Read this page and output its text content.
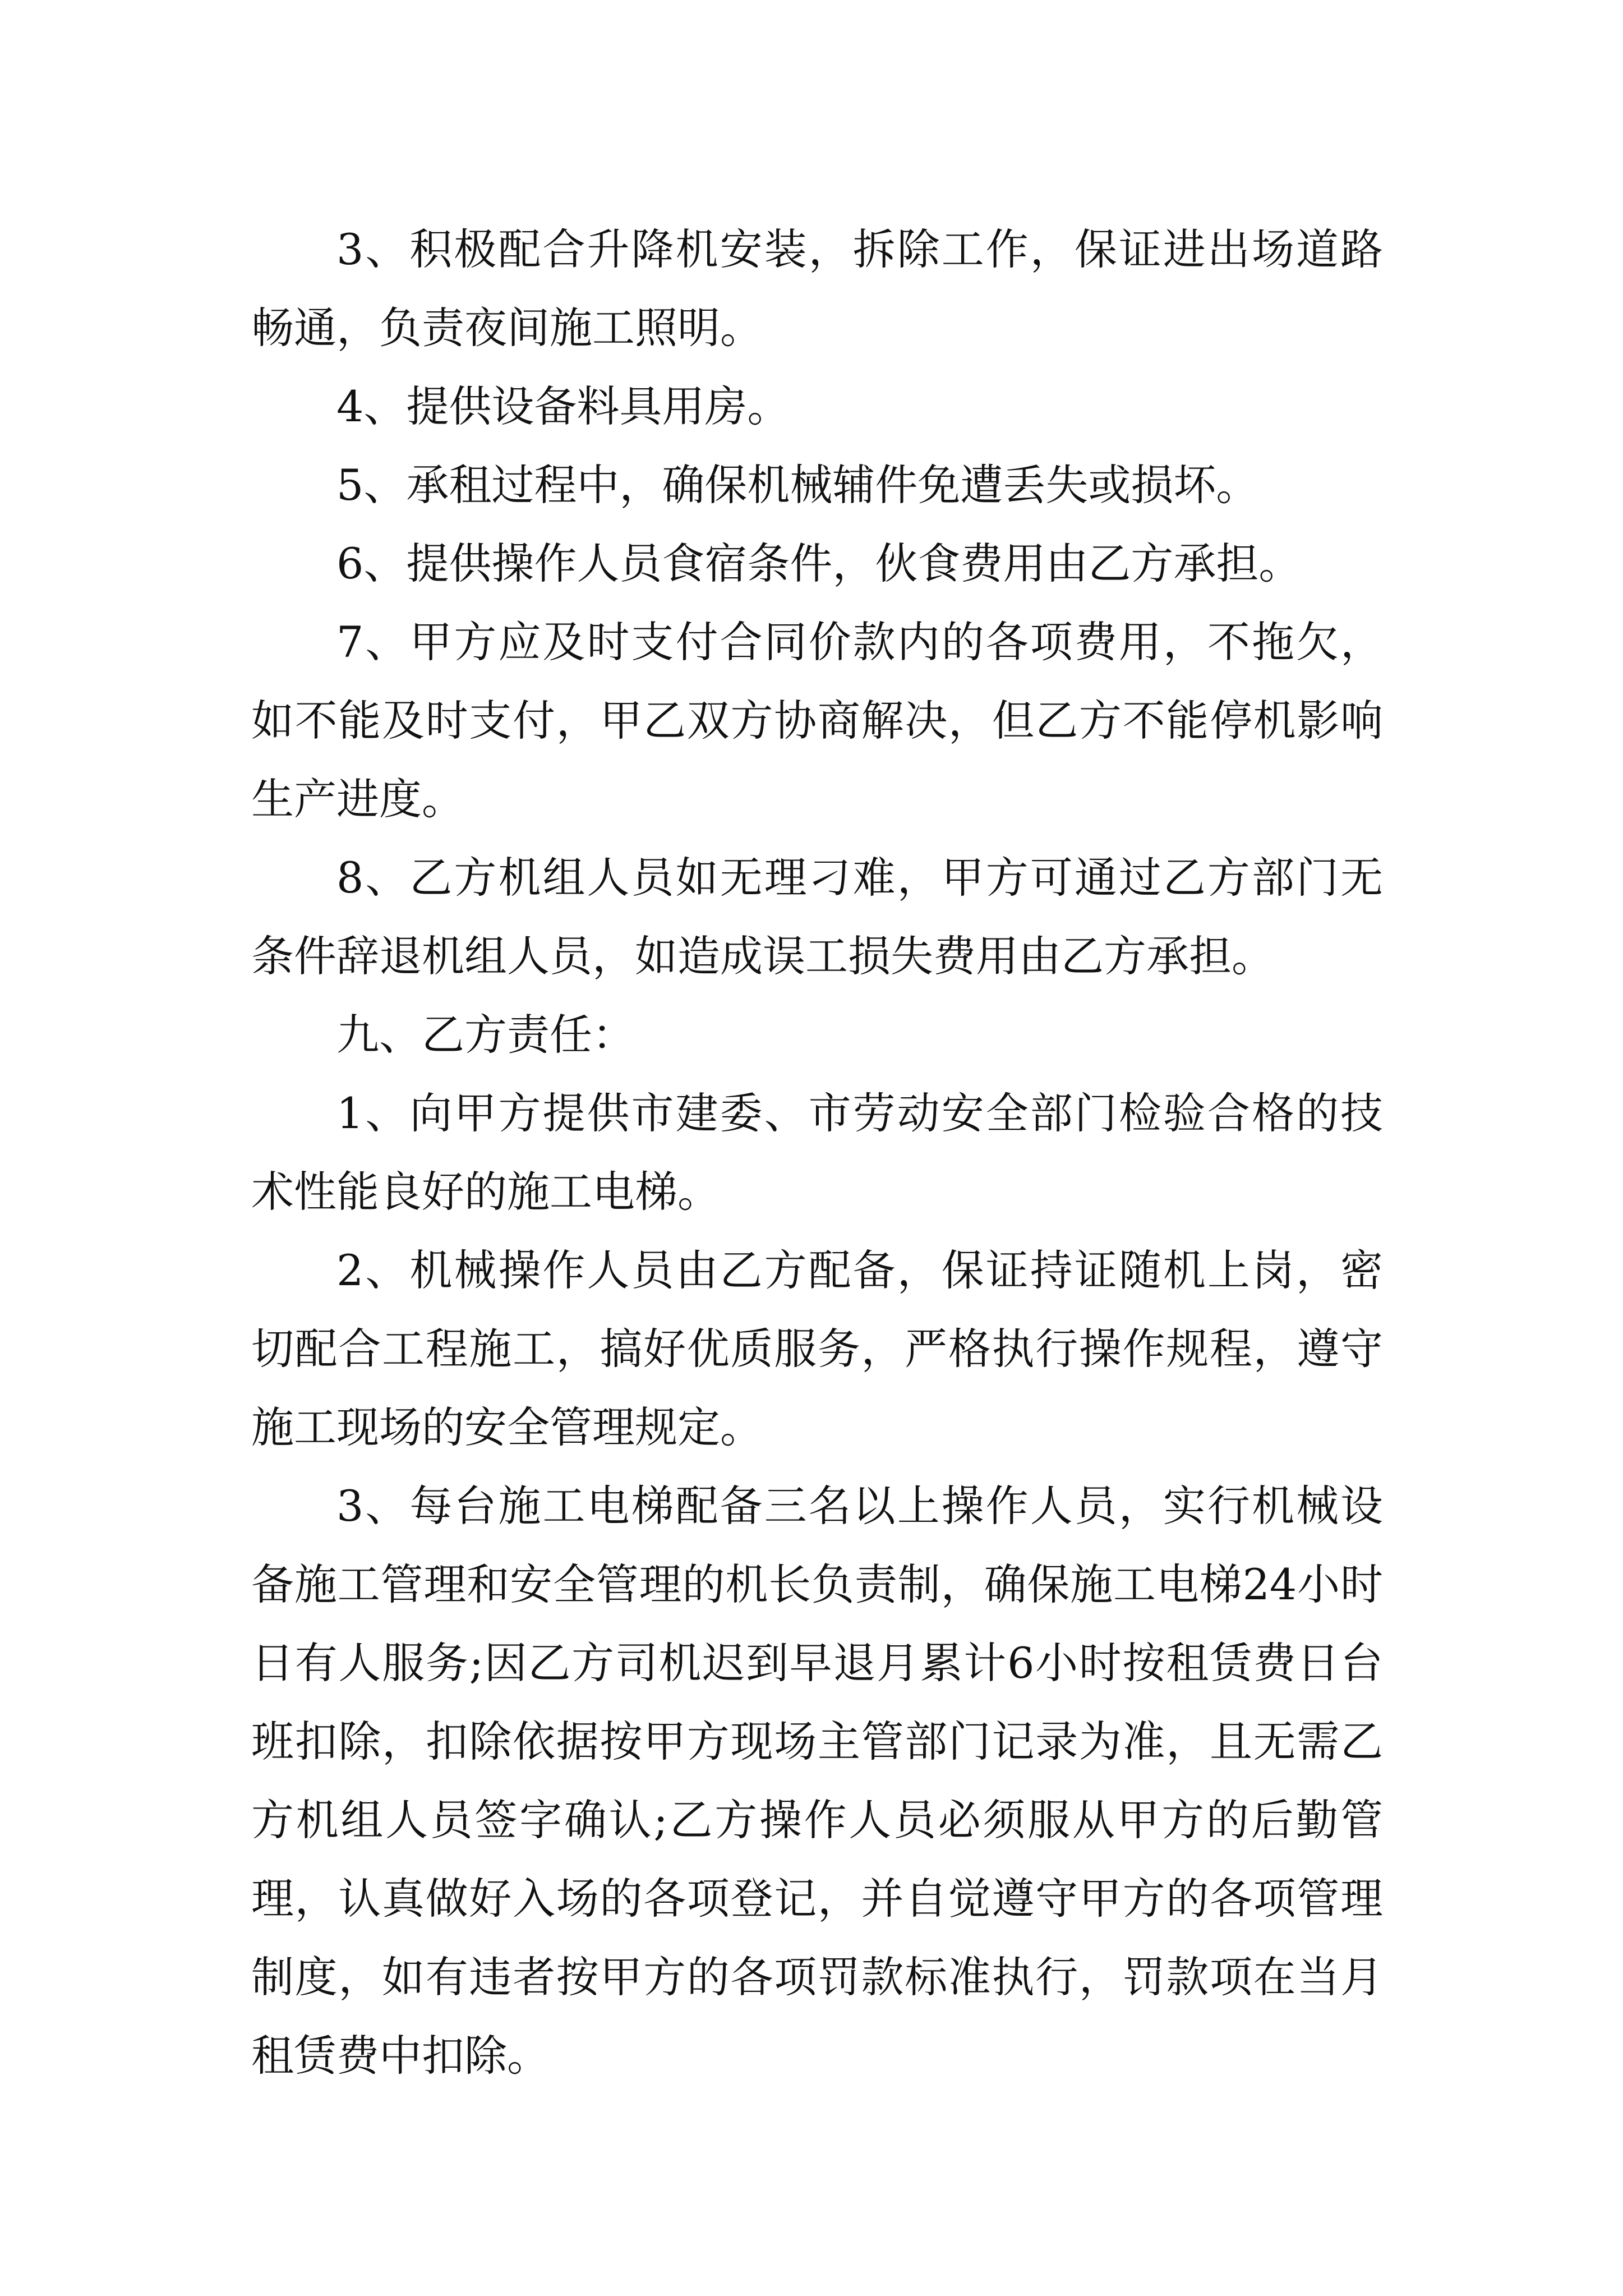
3、积极配合升降机安装，拆除工作，保证进出场道路畅通，负责夜间施工照明。

4、提供设备料具用房。

5、承租过程中，确保机械辅件免遭丢失或损坏。

6、提供操作人员食宿条件，伙食费用由乙方承担。

7、甲方应及时支付合同价款内的各项费用，不拖欠，如不能及时支付，甲乙双方协商解决，但乙方不能停机影响生产进度。

8、乙方机组人员如无理刁难，甲方可通过乙方部门无条件辞退机组人员，如造成误工损失费用由乙方承担。

九、乙方责任：

1、向甲方提供市建委、市劳动安全部门检验合格的技术性能良好的施工电梯。

2、机械操作人员由乙方配备，保证持证随机上岗，密切配合工程施工，搞好优质服务，严格执行操作规程，遵守施工现场的安全管理规定。

3、每台施工电梯配备三名以上操作人员，实行机械设备施工管理和安全管理的机长负责制，确保施工电梯24小时日有人服务;因乙方司机迟到早退月累计6小时按租赁费日台班扣除，扣除依据按甲方现场主管部门记录为准，且无需乙方机组人员签字确认;乙方操作人员必须服从甲方的后勤管理，认真做好入场的各项登记，并自觉遵守甲方的各项管理制度，如有违者按甲方的各项罚款标准执行，罚款项在当月租赁费中扣除。
